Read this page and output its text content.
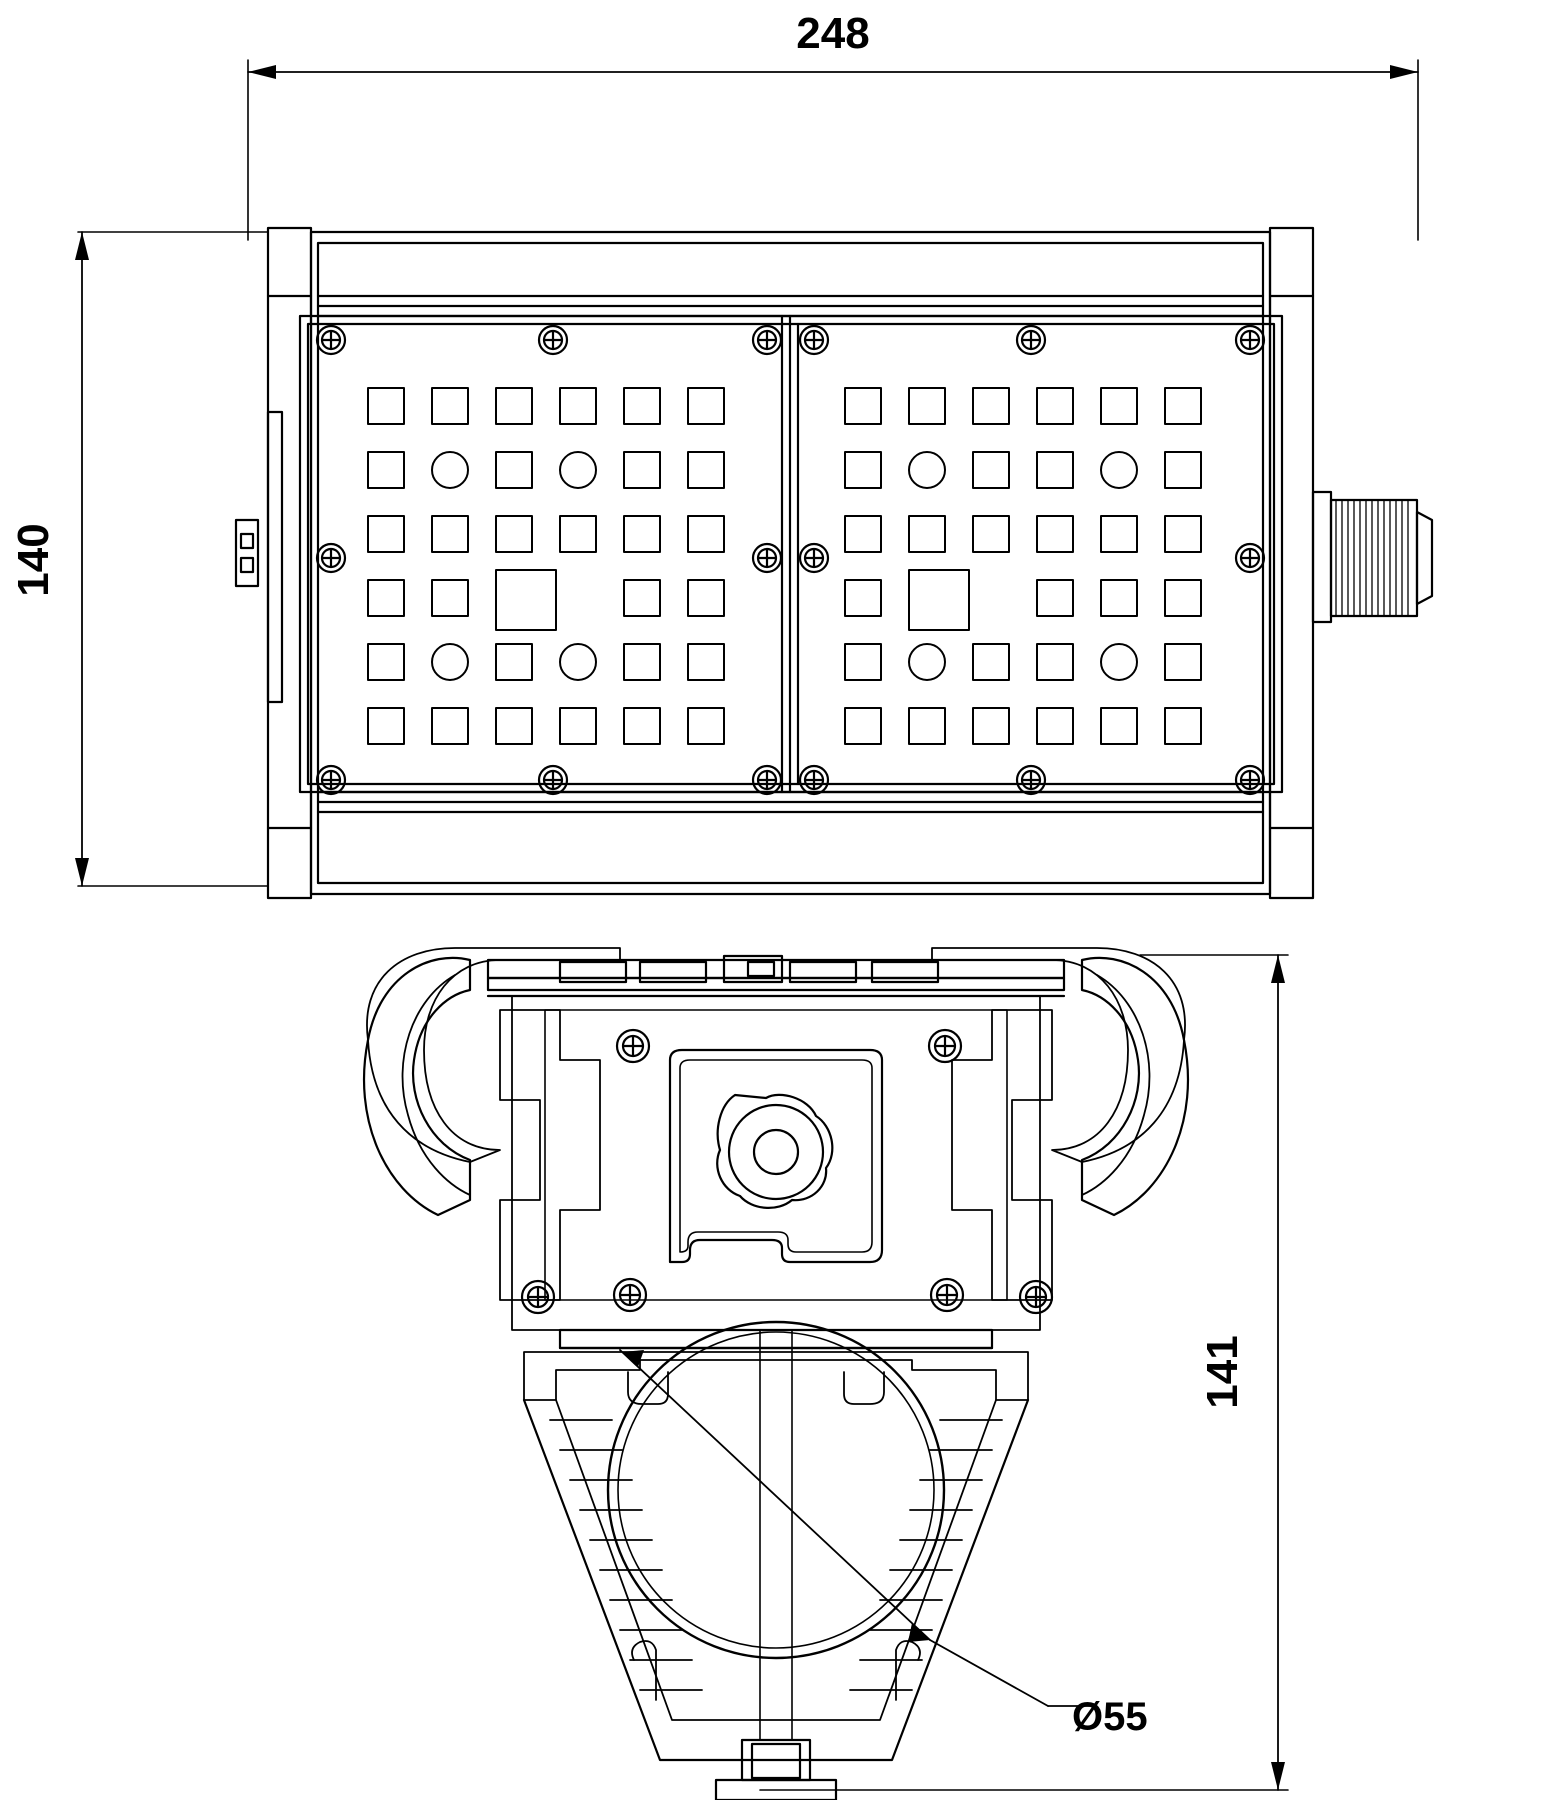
248
140
141
Ø55
